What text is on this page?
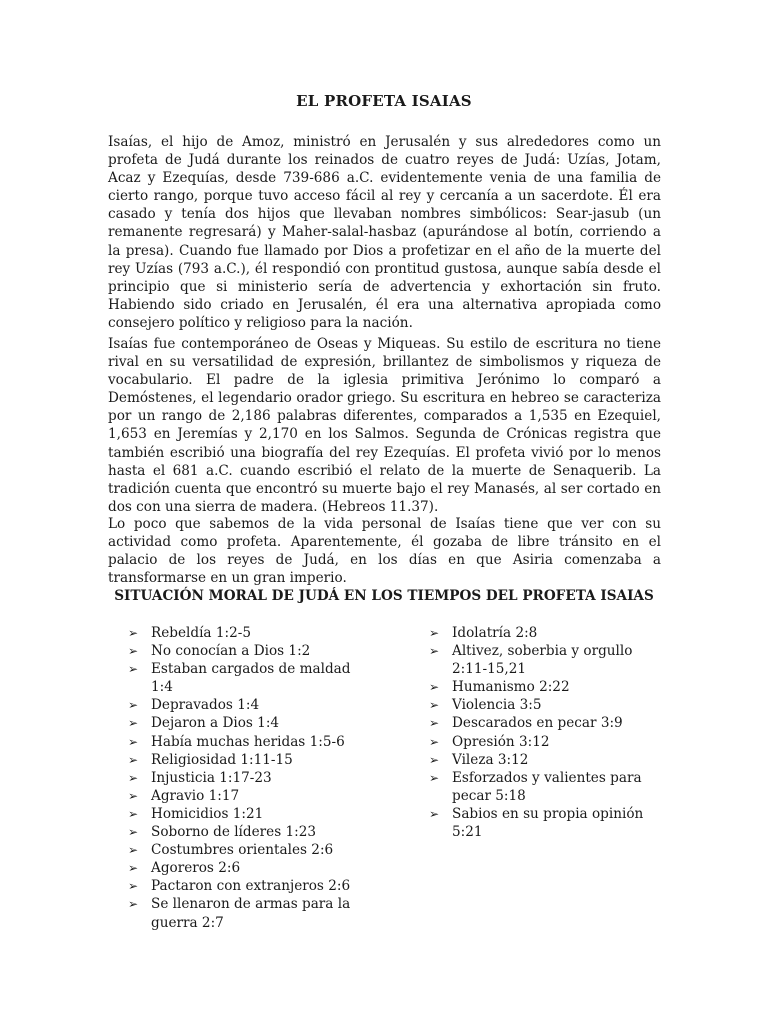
EL PROFETA ISAIAS

Isaías, el hijo de Amoz, ministró en Jerusalén y sus alrededores como un profeta de Judá durante los reinados de cuatro reyes de Judá: Uzías, Jotam, Acaz y Ezequías, desde 739-686 a.C. evidentemente venia de una familia de cierto rango, porque tuvo acceso fácil al rey y cercanía a un sacerdote. Él era casado y tenía dos hijos que llevaban nombres simbólicos: Sear-jasub (un remanente regresará) y Maher-salal-hasbaz (apurándose al botín, corriendo a la presa). Cuando fue llamado por Dios a profetizar en el año de la muerte del rey Uzías (793 a.C.), él respondió con prontitud gustosa, aunque sabía desde el principio que si ministerio sería de advertencia y exhortación sin fruto. Habiendo sido criado en Jerusalén, él era una alternativa apropiada como consejero político y religioso para la nación.

Isaías fue contemporáneo de Oseas y Miqueas. Su estilo de escritura no tiene rival en su versatilidad de expresión, brillantez de simbolismos y riqueza de vocabulario. El padre de la iglesia primitiva Jerónimo lo comparó a Demóstenes, el legendario orador griego. Su escritura en hebreo se caracteriza por un rango de 2,186 palabras diferentes, comparados a 1,535 en Ezequiel, 1,653 en Jeremías y 2,170 en los Salmos. Segunda de Crónicas registra que también escribió una biografía del rey Ezequías. El profeta vivió por lo menos hasta el 681 a.C. cuando escribió el relato de la muerte de Senaquerib. La tradición cuenta que encontró su muerte bajo el rey Manasés, al ser cortado en dos con una sierra de madera. (Hebreos 11.37).

Lo poco que sabemos de la vida personal de Isaías tiene que ver con su actividad como profeta. Aparentemente, él gozaba de libre tránsito en el palacio de los reyes de Judá, en los días en que Asiria comenzaba a transformarse en un gran imperio.

SITUACIÓN MORAL DE JUDÁ EN LOS TIEMPOS DEL PROFETA ISAIAS
➢ Rebeldía 1:2-5
➢ No conocían a Dios 1:2
➢ Estaban cargados de maldad 1:4
➢ Depravados 1:4
➢ Dejaron a Dios 1:4
➢ Había muchas heridas 1:5-6
➢ Religiosidad 1:11-15
➢ Injusticia 1:17-23
➢ Agravio 1:17
➢ Homicidios 1:21
➢ Soborno de líderes 1:23
➢ Costumbres orientales 2:6
➢ Agoreros 2:6
➢ Pactaron con extranjeros 2:6
➢ Se llenaron de armas para la guerra 2:7
➢ Idolatría 2:8
➢ Altivez, soberbia y orgullo 2:11-15,21
➢ Humanismo 2:22
➢ Violencia 3:5
➢ Descarados en pecar 3:9
➢ Opresión 3:12
➢ Vileza 3:12
➢ Esforzados y valientes para pecar 5:18
➢ Sabios en su propia opinión 5:21
